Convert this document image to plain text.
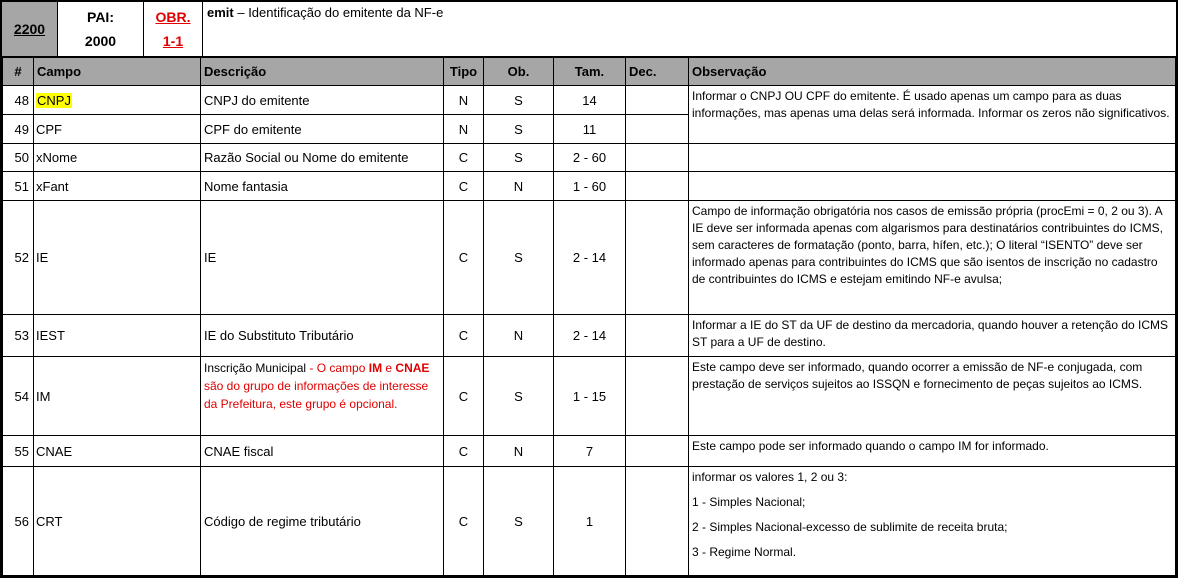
2200
PAI:
2000
OBR.
1-1
emit – Identificação do emitente da NF-e
#	Campo	Descrição	Tipo	Ob.	Tam.	Dec.	Observação
48	CNPJ	CNPJ do emitente	N	S	14		Informar o CNPJ OU CPF do emitente. É usado apenas um campo para as duas informações, mas apenas uma delas será informada. Informar os zeros não significativos.
49	CPF	CPF do emitente	N	S	11		
50	xNome	Razão Social ou Nome do emitente	C	S	2 - 60		
51	xFant	Nome fantasia	C	N	1 - 60		
52	IE	IE	C	S	2 - 14		Campo de informação obrigatória nos casos de emissão própria (procEmi = 0, 2 ou 3). A IE deve ser informada apenas com algarismos para destinatários contribuintes do ICMS, sem caracteres de formatação (ponto, barra, hífen, etc.); O literal “ISENTO” deve ser informado apenas para contribuintes do ICMS que são isentos de inscrição no cadastro de contribuintes do ICMS e estejam emitindo NF-e avulsa;
53	IEST	IE do Substituto Tributário	C	N	2 - 14		Informar a IE do ST da UF de destino da mercadoria, quando houver a retenção do ICMS ST para a UF de destino.
54	IM	Inscrição Municipal - O campo IM e CNAE são do grupo de informações de interesse da Prefeitura, este grupo é opcional.	C	S	1 - 15		Este campo deve ser informado, quando ocorrer a emissão de NF-e conjugada, com prestação de serviços sujeitos ao ISSQN e fornecimento de peças sujeitos ao ICMS.
55	CNAE	CNAE fiscal	C	N	7		Este campo pode ser informado quando o campo IM for informado.
56	CRT	Código de regime tributário	C	S	1		informar os valores 1, 2 ou 3:

1 - Simples Nacional;

2 - Simples Nacional-excesso de sublimite de receita bruta;

3 - Regime Normal.
